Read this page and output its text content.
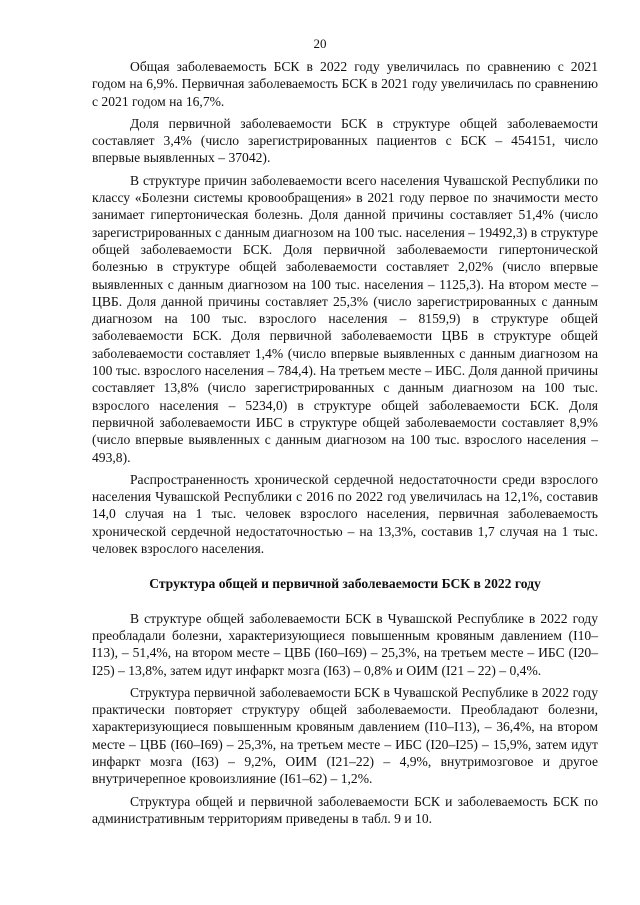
20

Общая заболеваемость БСК в 2022 году увеличилась по сравнению с 2021 годом на 6,9%. Первичная заболеваемость БСК в 2021 году увеличилась по сравнению с 2021 годом на 16,7%.

Доля первичной заболеваемости БСК в структуре общей заболеваемости составляет 3,4% (число зарегистрированных пациентов с БСК – 454151, число впервые выявленных – 37042).

В структуре причин заболеваемости всего населения Чувашской Республики по классу «Болезни системы кровообращения» в 2021 году первое по значимости место занимает гипертоническая болезнь. Доля данной причины составляет 51,4% (число зарегистрированных с данным диагнозом на 100 тыс. населения – 19492,3) в структуре общей заболеваемости БСК. Доля первичной заболеваемости гипертонической болезнью в структуре общей заболеваемости составляет 2,02% (число впервые выявленных с данным диагнозом на 100 тыс. населения – 1125,3). На втором месте – ЦВБ. Доля данной причины составляет 25,3% (число зарегистрированных с данным диагнозом на 100 тыс. взрослого населения – 8159,9) в структуре общей заболеваемости БСК. Доля первичной заболеваемости ЦВБ в структуре общей заболеваемости составляет 1,4% (число впервые выявленных с данным диагнозом на 100 тыс. взрослого населения – 784,4). На третьем месте – ИБС. Доля данной причины составляет 13,8% (число зарегистрированных с данным диагнозом на 100 тыс. взрослого населения – 5234,0) в структуре общей заболеваемости БСК. Доля первичной заболеваемости ИБС в структуре общей заболеваемости составляет 8,9% (число впервые выявленных с данным диагнозом на 100 тыс. взрослого населения – 493,8).

Распространенность хронической сердечной недостаточности среди взрослого населения Чувашской Республики с 2016 по 2022 год увеличилась на 12,1%, составив 14,0 случая на 1 тыс. человек взрослого населения, первичная заболеваемость хронической сердечной недостаточностью – на 13,3%, составив 1,7 случая на 1 тыс. человек взрослого населения.

Структура общей и первичной заболеваемости БСК в 2022 году

В структуре общей заболеваемости БСК в Чувашской Республике в 2022 году преобладали болезни, характеризующиеся повышенным кровяным давлением (I10–I13), – 51,4%, на втором месте – ЦВБ (I60–I69) – 25,3%, на третьем месте – ИБС (I20–I25) – 13,8%, затем идут инфаркт мозга (I63) – 0,8% и ОИМ (I21 – 22) – 0,4%.

Структура первичной заболеваемости БСК в Чувашской Республике в 2022 году практически повторяет структуру общей заболеваемости. Преобладают болезни, характеризующиеся повышенным кровяным давлением (I10–I13), – 36,4%, на втором месте – ЦВБ (I60–I69) – 25,3%, на третьем месте – ИБС (I20–I25) – 15,9%, затем идут инфаркт мозга (I63) – 9,2%, ОИМ (I21–22) – 4,9%, внутримозговое и другое внутричерепное кровоизлияние (I61–62) – 1,2%.

Структура общей и первичной заболеваемости БСК и заболеваемость БСК по административным территориям приведены в табл. 9 и 10.
